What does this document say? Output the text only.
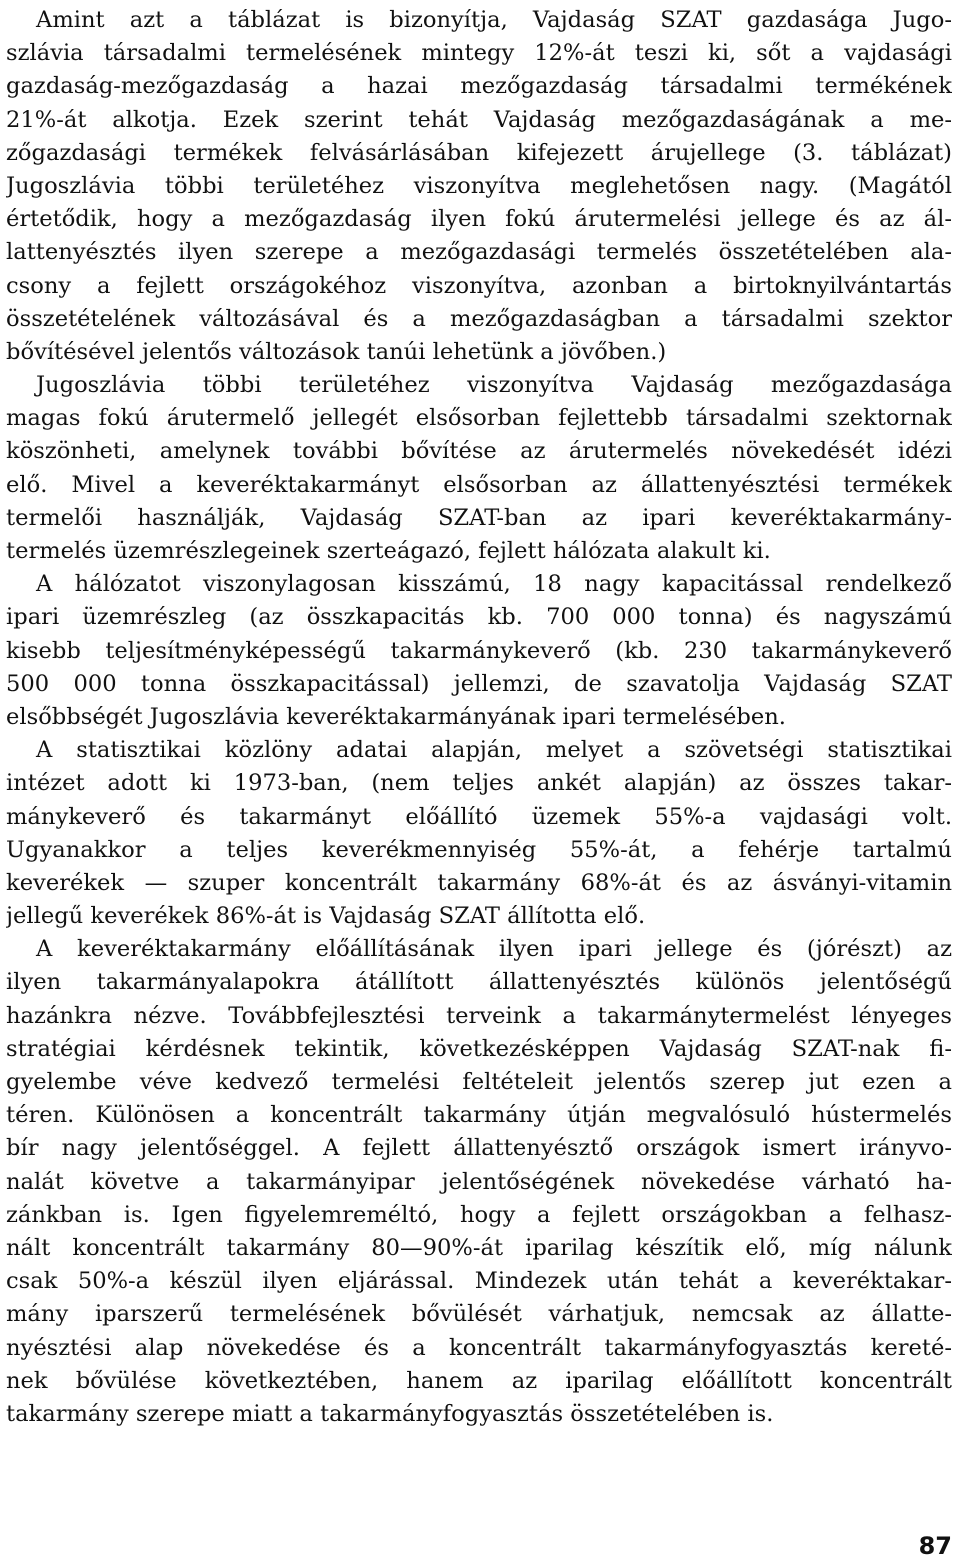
Amint azt a táblázat is bizonyítja, Vajdaság SZAT gazdasága Jugo-
szlávia társadalmi termelésének mintegy 12%-át teszi ki, sőt a vajdasági
gazdaság-mezőgazdaság a hazai mezőgazdaság társadalmi termékének
21%-át alkotja. Ezek szerint tehát Vajdaság mezőgazdaságának a me-
zőgazdasági termékek felvásárlásában kifejezett árujellege (3. táblázat)
Jugoszlávia többi területéhez viszonyítva meglehetősen nagy. (Magától
értetődik, hogy a mezőgazdaság ilyen fokú árutermelési jellege és az ál-
lattenyésztés ilyen szerepe a mezőgazdasági termelés összetételében ala-
csony a fejlett országokéhoz viszonyítva, azonban a birtoknyilvántartás
összetételének változásával és a mezőgazdaságban a társadalmi szektor
bővítésével jelentős változások tanúi lehetünk a jövőben.)
Jugoszlávia többi területéhez viszonyítva Vajdaság mezőgazdasága
magas fokú árutermelő jellegét elsősorban fejlettebb társadalmi szektornak
köszönheti, amelynek további bővítése az árutermelés növekedését idézi
elő. Mivel a keveréktakarmányt elsősorban az állattenyésztési termékek
termelői használják, Vajdaság SZAT-ban az ipari keveréktakarmány-
termelés üzemrészlegeinek szerteágazó, fejlett hálózata alakult ki.
A hálózatot viszonylagosan kisszámú, 18 nagy kapacitással rendelkező
ipari üzemrészleg (az összkapacitás kb. 700 000 tonna) és nagyszámú
kisebb teljesítményképességű takarmánykeverő (kb. 230 takarmánykeverő
500 000 tonna összkapacitással) jellemzi, de szavatolja Vajdaság SZAT
elsőbbségét Jugoszlávia keveréktakarmányának ipari termelésében.
A statisztikai közlöny adatai alapján, melyet a szövetségi statisztikai
intézet adott ki 1973-ban, (nem teljes ankét alapján) az összes takar-
mánykeverő és takarmányt előállító üzemek 55%-a vajdasági volt.
Ugyanakkor a teljes keverékmennyiség 55%-át, a fehérje tartalmú
keverékek — szuper koncentrált takarmány 68%-át és az ásványi-vitamin
jellegű keverékek 86%-át is Vajdaság SZAT állította elő.
A keveréktakarmány előállításának ilyen ipari jellege és (jórészt) az
ilyen takarmányalapokra átállított állattenyésztés különös jelentőségű
hazánkra nézve. Továbbfejlesztési terveink a takarmánytermelést lényeges
stratégiai kérdésnek tekintik, következésképpen Vajdaság SZAT-nak fi-
gyelembe véve kedvező termelési feltételeit jelentős szerep jut ezen a
téren. Különösen a koncentrált takarmány útján megvalósuló hústermelés
bír nagy jelentőséggel. A fejlett állattenyésztő országok ismert irányvo-
nalát követve a takarmányipar jelentőségének növekedése várható ha-
zánkban is. Igen figyelemreméltó, hogy a fejlett országokban a felhasz-
nált koncentrált takarmány 80—90%-át iparilag készítik elő, míg nálunk
csak 50%-a készül ilyen eljárással. Mindezek után tehát a keveréktakar-
mány iparszerű termelésének bővülését várhatjuk, nemcsak az állatte-
nyésztési alap növekedése és a koncentrált takarmányfogyasztás kereté-
nek bővülése következtében, hanem az iparilag előállított koncentrált
takarmány szerepe miatt a takarmányfogyasztás összetételében is.
87
